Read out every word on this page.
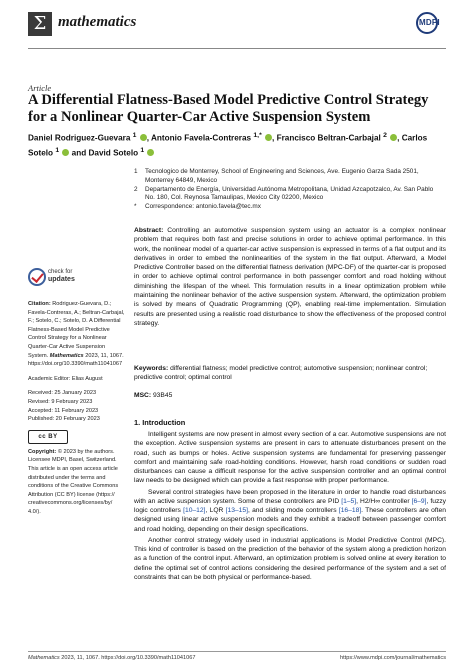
Σ mathematics	MDPI
Article
A Differential Flatness-Based Model Predictive Control Strategy for a Nonlinear Quarter-Car Active Suspension System
Daniel Rodriguez-Guevara $^1$ , Antonio Favela-Contreras $^{1,*}$ , Francisco Beltran-Carbajal $^2$ , Carlos Sotelo $^1$  and David Sotelo $^1$
1	Tecnologico de Monterrey, School of Engineering and Sciences, Ave. Eugenio Garza Sada 2501, Monterrey 64849, Mexico
2	Departamento de Energía, Universidad Autónoma Metropolitana, Unidad Azcapotzalco, Av. San Pablo No. 180, Col. Reynosa Tamaulipas, Mexico City 02200, Mexico
*	Correspondence: antonio.favela@tec.mx
Abstract: Controlling an automotive suspension system using an actuator is a complex nonlinear problem that requires both fast and precise solutions in order to achieve optimal performance. In this work, the nonlinear model of a quarter-car active suspension is expressed in terms of a flat output and its derivatives in order to embed the nonlinearities of the system in the flat output. Afterward, a Model Predictive Controller based on the differential flatness derivation (MPC-DF) of the quarter-car is proposed in order to achieve optimal control performance in both passenger comfort and road holding without diminishing the lifespan of the wheel. This formulation results in a linear optimization problem while maintaining the nonlinear behavior of the active suspension system. Afterward, the optimization problem is solved by means of Quadratic Programming (QP), enabling real-time implementation. Simulation results are presented using a realistic road disturbance to show the effectiveness of the proposed control strategy.
Keywords: differential flatness; model predictive control; automotive suspension; nonlinear control; predictive control; optimal control
MSC: 93B45
check for
updates
Citation: Rodriguez-Guevara, D.; Favela-Contreras, A.; Beltran-Carbajal, F.; Sotelo, C.; Sotelo, D. A Differential Flatness-Based Model Predictive Control Strategy for a Nonlinear Quarter-Car Active Suspension System. Mathematics 2023, 11, 1067. https://doi.org/10.3390/math11041067
Academic Editor: Elias August
Received: 25 January 2023
Revised: 9 February 2023
Accepted: 11 February 2023
Published: 20 February 2023
cc BY
Copyright: © 2023 by the authors. Licensee MDPI, Basel, Switzerland. This article is an open access article distributed under the terms and conditions of the Creative Commons Attribution (CC BY) license (https:// creativecommons.org/licenses/by/ 4.0/).
1. Introduction

Intelligent systems are now present in almost every section of a car. Automotive suspensions are not the exception. Active suspension systems are present in cars to attenuate disturbances present on the road, such as bumps or holes. Active suspension systems are fundamental for preserving passenger comfort and maintaining safe road-holding conditions. However, harsh road conditions or sudden road disturbances can cause a difficult response for the active suspension controller and an optimal control law needs to be designed which can provide a fast response with proper performance.

Several control strategies have been proposed in the literature in order to handle road disturbances with an active suspension system. Some of these controllers are PID [1–5], H2/H∞ controller [6–9], fuzzy logic controllers [10–12], LQR [13–15], and sliding mode controllers [16–18]. These controllers are often designed using linear active suspension models and they exhibit a tradeoff between passenger comfort and road holding, depending on their design specifications.

Another control strategy widely used in industrial applications is Model Predictive Control (MPC). This kind of controller is based on the prediction of the behavior of the system along a prediction horizon as a function of the control input. Afterward, an optimization problem is solved online at every iteration to define the optimal set of control actions considering the desired performance of the system and a set of constraints that can be both physical or performance-based.

Mathematics 2023, 11, 1067. https://doi.org/10.3390/math11041067	https://www.mdpi.com/journal/mathematics
